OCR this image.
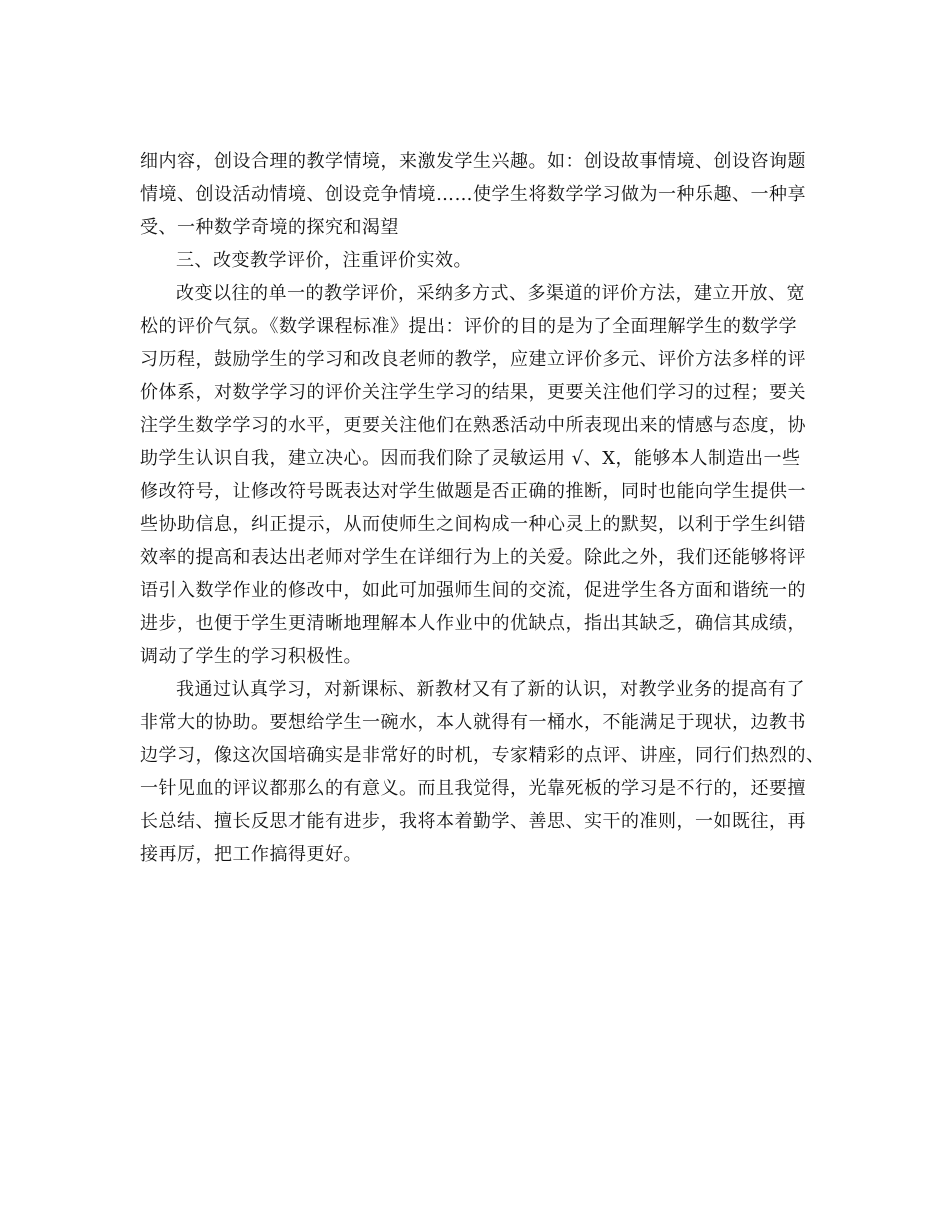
细内容，创设合理的教学情境，来激发学生兴趣。如：创设故事情境、创设咨询题
情境、创设活动情境、创设竞争情境……使学生将数学学习做为一种乐趣、一种享
受、一种数学奇境的探究和渴望
三、改变教学评价，注重评价实效。
改变以往的单一的教学评价，采纳多方式、多渠道的评价方法，建立开放、宽
松的评价气氛。《数学课程标准》提出：评价的目的是为了全面理解学生的数学学
习历程，鼓励学生的学习和改良老师的教学，应建立评价多元、评价方法多样的评
价体系，对数学学习的评价关注学生学习的结果，更要关注他们学习的过程；要关
注学生数学学习的水平，更要关注他们在熟悉活动中所表现出来的情感与态度，协
助学生认识自我，建立决心。因而我们除了灵敏运用 √、X，能够本人制造出一些
修改符号，让修改符号既表达对学生做题是否正确的推断，同时也能向学生提供一
些协助信息，纠正提示，从而使师生之间构成一种心灵上的默契，以利于学生纠错
效率的提高和表达出老师对学生在详细行为上的关爱。除此之外，我们还能够将评
语引入数学作业的修改中，如此可加强师生间的交流，促进学生各方面和谐统一的
进步，也便于学生更清晰地理解本人作业中的优缺点，指出其缺乏，确信其成绩，
调动了学生的学习积极性。
我通过认真学习，对新课标、新教材又有了新的认识，对教学业务的提高有了
非常大的协助。要想给学生一碗水，本人就得有一桶水，不能满足于现状，边教书
边学习，像这次国培确实是非常好的时机，专家精彩的点评、讲座，同行们热烈的、
一针见血的评议都那么的有意义。而且我觉得，光靠死板的学习是不行的，还要擅
长总结、擅长反思才能有进步，我将本着勤学、善思、实干的准则，一如既往，再
接再厉，把工作搞得更好。
